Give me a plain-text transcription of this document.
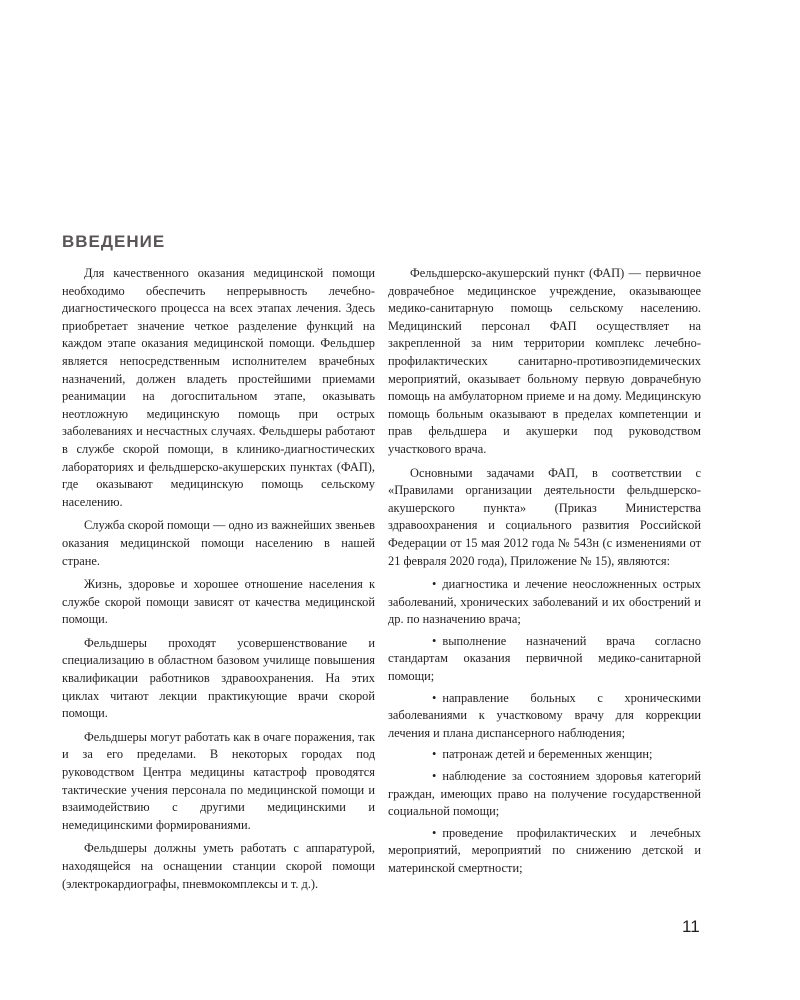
ВВЕДЕНИЕ

Для качественного оказания медицинской помощи необходимо обеспечить непрерывность лечебно-диагностического процесса на всех этапах лечения. Здесь приобретает значение четкое разделение функций на каждом этапе оказания медицинской помощи. Фельдшер является непосредственным исполнителем врачебных назначений, должен владеть простейшими приемами реанимации на догоспитальном этапе, оказывать неотложную медицинскую помощь при острых заболеваниях и несчастных случаях. Фельдшеры работают в службе скорой помощи, в клинико-диагностических лабораториях и фельдшерско-акушерских пунктах (ФАП), где оказывают медицинскую помощь сельскому населению.

Служба скорой помощи — одно из важнейших звеньев оказания медицинской помощи населению в нашей стране.

Жизнь, здоровье и хорошее отношение населения к службе скорой помощи зависят от качества медицинской помощи.

Фельдшеры проходят усовершенствование и специализацию в областном базовом училище повышения квалификации работников здравоохранения. На этих циклах читают лекции практикующие врачи скорой помощи.

Фельдшеры могут работать как в очаге поражения, так и за его пределами. В некоторых городах под руководством Центра медицины катастроф проводятся тактические учения персонала по медицинской помощи и взаимодействию с другими медицинскими и немедицинскими формированиями.

Фельдшеры должны уметь работать с аппаратурой, находящейся на оснащении станции скорой помощи (электрокардиографы, пневмокомплексы и т. д.).

Фельдшерско-акушерский пункт (ФАП) — первичное доврачебное медицинское учреждение, оказывающее медико-санитарную помощь сельскому населению. Медицинский персонал ФАП осуществляет на закрепленной за ним территории комплекс лечебно-профилактических санитарно-противоэпидемических мероприятий, оказывает больному первую доврачебную помощь на амбулаторном приеме и на дому. Медицинскую помощь больным оказывают в пределах компетенции и прав фельдшера и акушерки под руководством участкового врача.

Основными задачами ФАП, в соответствии с «Правилами организации деятельности фельдшерско-акушерского пункта» (Приказ Министерства здравоохранения и социального развития Российской Федерации от 15 мая 2012 года № 543н (с изменениями от 21 февраля 2020 года), Приложение № 15), являются:

• диагностика и лечение неосложненных острых заболеваний, хронических заболеваний и их обострений и др. по назначению врача;

• выполнение назначений врача согласно стандартам оказания первичной медико-санитарной помощи;

• направление больных с хроническими заболеваниями к участковому врачу для коррекции лечения и плана диспансерного наблюдения;

• патронаж детей и беременных женщин;

• наблюдение за состоянием здоровья категорий граждан, имеющих право на получение государственной социальной помощи;

• проведение профилактических и лечебных мероприятий, мероприятий по снижению детской и материнской смертности;

11
